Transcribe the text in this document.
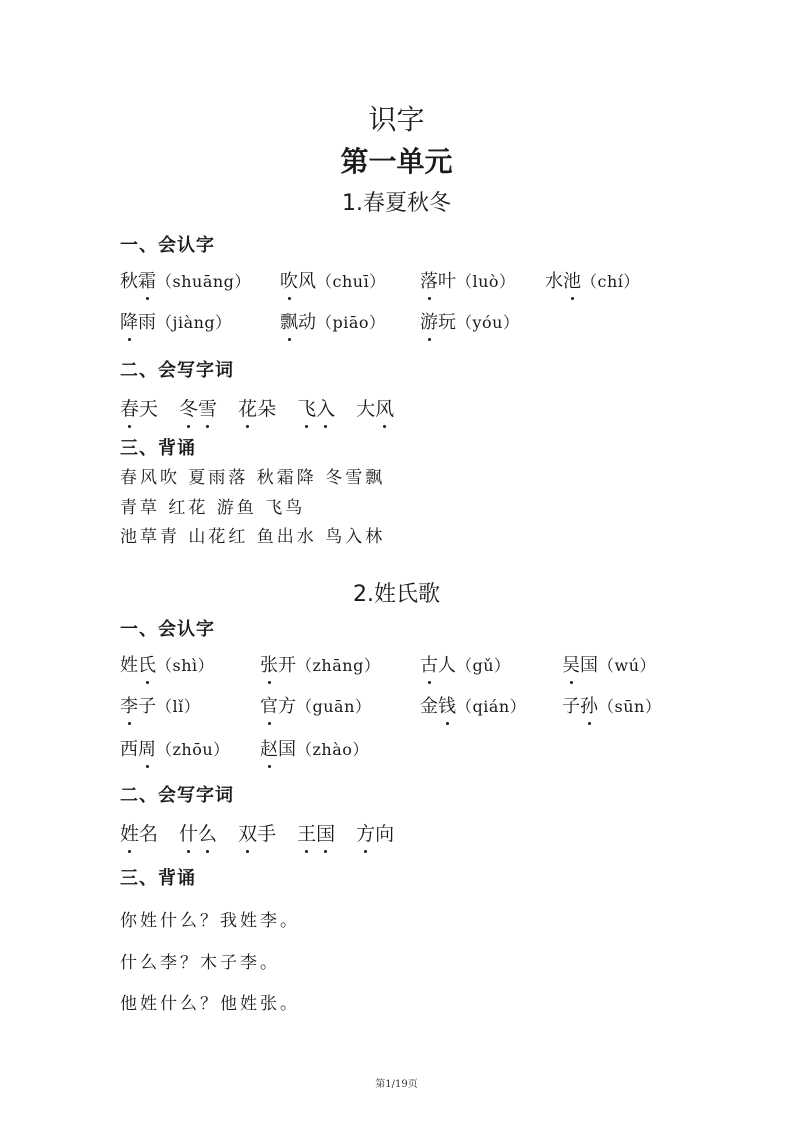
识字
第一单元
1.春夏秋冬
一、会认字
秋 霜 （shuāng） 吹 风 （chuī） 落 叶 （luò） 水 池 （chí）
降 雨 （jiàng）	飘 动 （piāo） 游 玩 （yóu）
二、会写字词
春 天 冬 雪 花 朵 飞 入 大 风
三、背诵
春风吹 夏雨落 秋霜降 冬雪飘
青草 红花 游鱼 飞鸟
池草青 山花红 鱼出水 鸟入林
2.姓氏歌
一、会认字
姓 氏 （shì）	张 开 （zhāng） 古 人 （gǔ）	吴 国 （wú）
李 子 （lǐ）	官 方 （guān）	金 钱 （qián） 子 孙 （sūn）
西 周 （zhōu） 赵 国 （zhào）
二、会写字词
姓 名 什 么 双 手 王 国 方 向
三、背诵
你姓什么？我姓李。
什么李？木子李。
他姓什么？他姓张。
第1/19页
